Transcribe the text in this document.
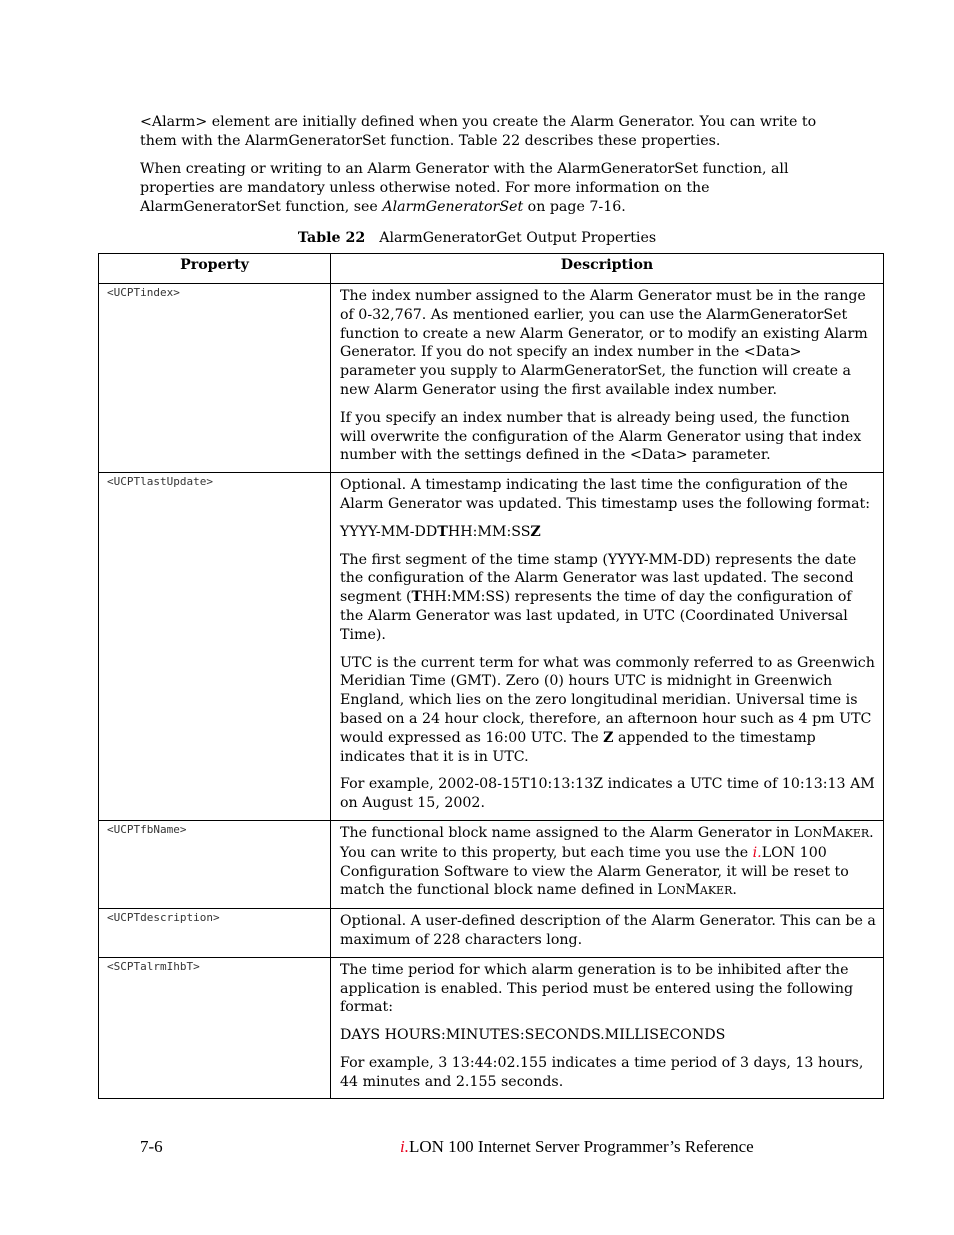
<Alarm> element are initially defined when you create the Alarm Generator. You can write to them with the AlarmGeneratorSet function. Table 22 describes these properties.

When creating or writing to an Alarm Generator with the AlarmGeneratorSet function, all properties are mandatory unless otherwise noted. For more information on the AlarmGeneratorSet function, see AlarmGeneratorSet on page 7-16.

Table 22 AlarmGeneratorGet Output Properties
Property	Description
<UCPTindex>	The index number assigned to the Alarm Generator must be in the range of 0-32,767. As mentioned earlier, you can use the AlarmGeneratorSet function to create a new Alarm Generator, or to modify an existing Alarm Generator. If you do not specify an index number in the <Data> parameter you supply to AlarmGeneratorSet, the function will create a new Alarm Generator using the first available index number.

If you specify an index number that is already being used, the function will overwrite the configuration of the Alarm Generator using that index number with the settings defined in the <Data> parameter.

<UCPTlastUpdate>	Optional. A timestamp indicating the last time the configuration of the Alarm Generator was updated. This timestamp uses the following format:

YYYY-MM-DDTHH:MM:SSZ

The first segment of the time stamp (YYYY-MM-DD) represents the date the configuration of the Alarm Generator was last updated. The second segment (THH:MM:SS) represents the time of day the configuration of the Alarm Generator was last updated, in UTC (Coordinated Universal Time).

UTC is the current term for what was commonly referred to as Greenwich Meridian Time (GMT). Zero (0) hours UTC is midnight in Greenwich England, which lies on the zero longitudinal meridian. Universal time is based on a 24 hour clock, therefore, an afternoon hour such as 4 pm UTC would expressed as 16:00 UTC. The Z appended to the timestamp indicates that it is in UTC.

For example, 2002-08-15T10:13:13Z indicates a UTC time of 10:13:13 AM on August 15, 2002.

<UCPTfbName>	The functional block name assigned to the Alarm Generator in LONMAKER. You can write to this property, but each time you use the i.LON 100 Configuration Software to view the Alarm Generator, it will be reset to match the functional block name defined in LONMAKER.

<UCPTdescription>	Optional. A user-defined description of the Alarm Generator. This can be a maximum of 228 characters long.

<SCPTalrmIhbT>	The time period for which alarm generation is to be inhibited after the application is enabled. This period must be entered using the following format:

DAYS HOURS:MINUTES:SECONDS.MILLISECONDS

For example, 3 13:44:02.155 indicates a time period of 3 days, 13 hours, 44 minutes and 2.155 seconds.

7-6	i.LON 100 Internet Server Programmer’s Reference
